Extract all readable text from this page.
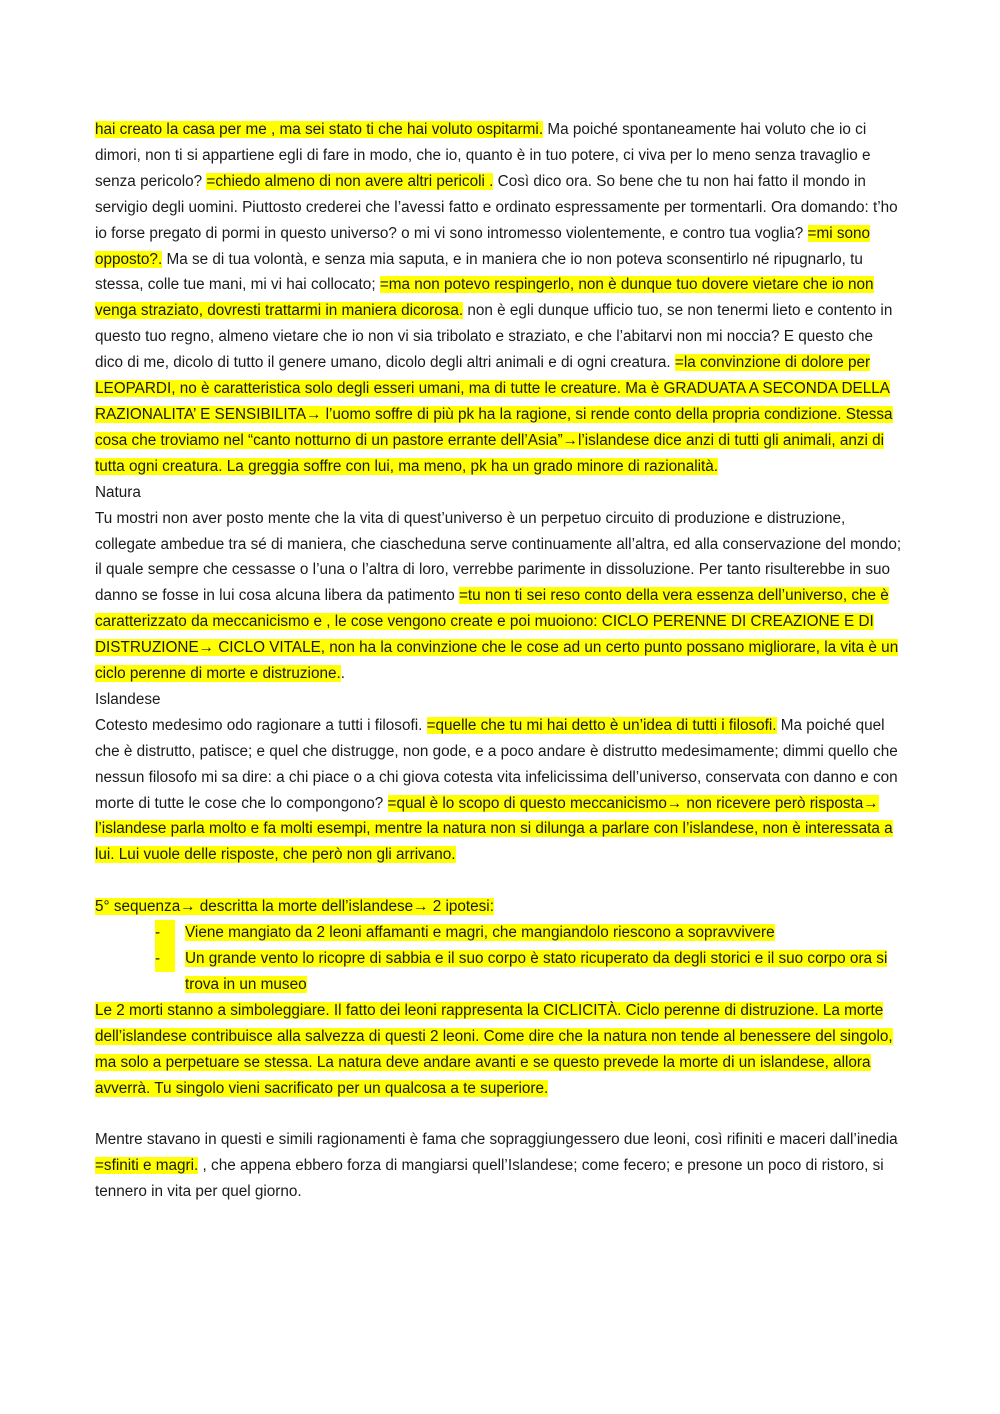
hai creato la casa per me , ma sei stato ti che hai voluto ospitarmi. Ma poiché spontaneamente hai voluto che io ci dimori, non ti si appartiene egli di fare in modo, che io, quanto è in tuo potere, ci viva per lo meno senza travaglio e senza pericolo? =chiedo almeno di non avere altri pericoli . Così dico ora. So bene che tu non hai fatto il mondo in servigio degli uomini. Piuttosto crederei che l’avessi fatto e ordinato espressamente per tormentarli. Ora domando: t’ho io forse pregato di pormi in questo universo? o mi vi sono intromesso violentemente, e contro tua voglia? =mi sono opposto?. Ma se di tua volontà, e senza mia saputa, e in maniera che io non poteva sconsentirlo né ripugnarlo, tu stessa, colle tue mani, mi vi hai collocato; =ma non potevo respingerlo, non è dunque tuo dovere vietare che io non venga straziato, dovresti trattarmi in maniera dicorosa. non è egli dunque ufficio tuo, se non tenermi lieto e contento in questo tuo regno, almeno vietare che io non vi sia tribolato e straziato, e che l’abitarvi non mi noccia? E questo che dico di me, dicolo di tutto il genere umano, dicolo degli altri animali e di ogni creatura. =la convinzione di dolore per LEOPARDI, no è caratteristica solo degli esseri umani, ma di tutte le creature. Ma è GRADUATA A SECONDA DELLA RAZIONALITA’ E SENSIBILITA→ l’uomo soffre di più pk ha la ragione, si rende conto della propria condizione. Stessa cosa che troviamo nel “canto notturno di un pastore errante dell’Asia”→l’islandese dice anzi di tutti gli animali, anzi di tutta ogni creatura. La greggia soffre con lui, ma meno, pk ha un grado minore di razionalità.

Natura

Tu mostri non aver posto mente che la vita di quest’universo è un perpetuo circuito di produzione e distruzione, collegate ambedue tra sé di maniera, che ciascheduna serve continuamente all’altra, ed alla conservazione del mondo; il quale sempre che cessasse o l’una o l’altra di loro, verrebbe parimente in dissoluzione. Per tanto risulterebbe in suo danno se fosse in lui cosa alcuna libera da patimento =tu non ti sei reso conto della vera essenza dell’universo, che è caratterizzato da meccanicismo e , le cose vengono create e poi muoiono: CICLO PERENNE DI CREAZIONE E DI DISTRUZIONE→ CICLO VITALE, non ha la convinzione che le cose ad un certo punto possano migliorare, la vita è un ciclo perenne di morte e distruzione..

Islandese

Cotesto medesimo odo ragionare a tutti i filosofi. =quelle che tu mi hai detto è un’idea di tutti i filosofi. Ma poiché quel che è distrutto, patisce; e quel che distrugge, non gode, e a poco andare è distrutto medesimamente; dimmi quello che nessun filosofo mi sa dire: a chi piace o a chi giova cotesta vita infelicissima dell’universo, conservata con danno e con morte di tutte le cose che lo compongono? =qual è lo scopo di questo meccanicismo→ non ricevere però risposta→ l’islandese parla molto e fa molti esempi, mentre la natura non si dilunga a parlare con l’islandese, non è interessata a lui. Lui vuole delle risposte, che però non gli arrivano.

5° sequenza→ descritta la morte dell’islandese→ 2 ipotesi:

-	Viene mangiato da 2 leoni affamanti e magri, che mangiandolo riescono a sopravvivere
-	Un grande vento lo ricopre di sabbia e il suo corpo è stato ricuperato da degli storici e il suo corpo ora si trova in un museo

Le 2 morti stanno a simboleggiare. Il fatto dei leoni rappresenta la CICLICITÀ. Ciclo perenne di distruzione. La morte dell’islandese contribuisce alla salvezza di questi 2 leoni. Come dire che la natura non tende al benessere del singolo, ma solo a perpetuare se stessa. La natura deve andare avanti e se questo prevede la morte di un islandese, allora avverrà. Tu singolo vieni sacrificato per un qualcosa a te superiore.

Mentre stavano in questi e simili ragionamenti è fama che sopraggiungessero due leoni, così rifiniti e maceri dall’inedia =sfiniti e magri. , che appena ebbero forza di mangiarsi quell’Islandese; come fecero; e presone un poco di ristoro, si tennero in vita per quel giorno.
